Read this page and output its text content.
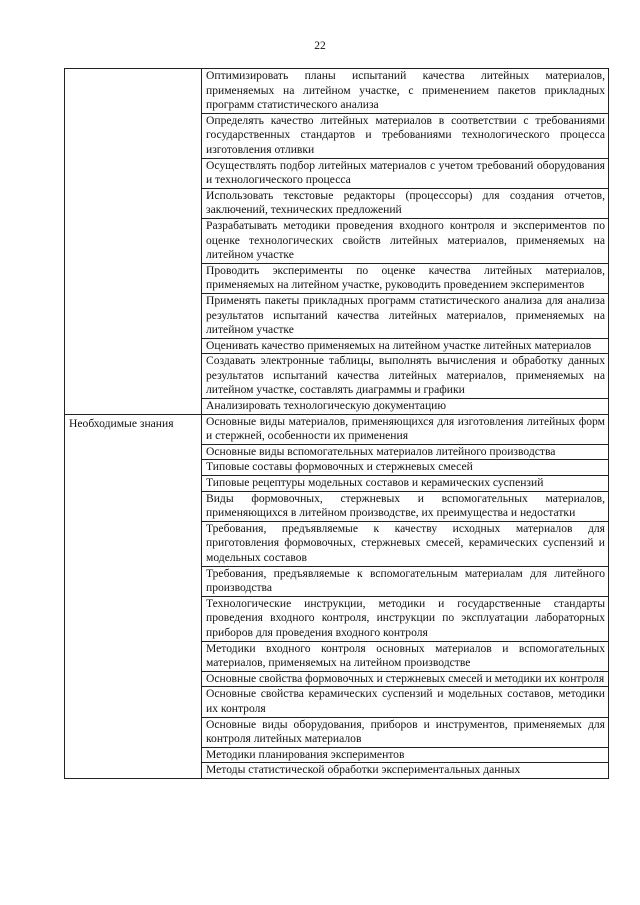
22
	Оптимизировать планы испытаний качества литейных материалов, применяемых на литейном участке, с применением пакетов прикладных программ статистического анализа
	Определять качество литейных материалов в соответствии с требованиями государственных стандартов и требованиями технологического процесса изготовления отливки
	Осуществлять подбор литейных материалов с учетом требований оборудования и технологического процесса
	Использовать текстовые редакторы (процессоры) для создания отчетов, заключений, технических предложений
	Разрабатывать методики проведения входного контроля и экспериментов по оценке технологических свойств литейных материалов, применяемых на литейном участке
	Проводить эксперименты по оценке качества литейных материалов, применяемых на литейном участке, руководить проведением экспериментов
	Применять пакеты прикладных программ статистического анализа для анализа результатов испытаний качества литейных материалов, применяемых на литейном участке
	Оценивать качество применяемых на литейном участке литейных материалов
	Создавать электронные таблицы, выполнять вычисления и обработку данных результатов испытаний качества литейных материалов, применяемых на литейном участке, составлять диаграммы и графики
	Анализировать технологическую документацию

Необходимые знания	Основные виды материалов, применяющихся для изготовления литейных форм и стержней, особенности их применения
	Основные виды вспомогательных материалов литейного производства
	Типовые составы формовочных и стержневых смесей
	Типовые рецептуры модельных составов и керамических суспензий
	Виды формовочных, стержневых и вспомогательных материалов, применяющихся в литейном производстве, их преимущества и недостатки
	Требования, предъявляемые к качеству исходных материалов для приготовления формовочных, стержневых смесей, керамических суспензий и модельных составов
	Требования, предъявляемые к вспомогательным материалам для литейного производства
	Технологические инструкции, методики и государственные стандарты проведения входного контроля, инструкции по эксплуатации лабораторных приборов для проведения входного контроля
	Методики входного контроля основных материалов и вспомогательных материалов, применяемых на литейном производстве
	Основные свойства формовочных и стержневых смесей и методики их контроля
	Основные свойства керамических суспензий и модельных составов, методики их контроля
	Основные виды оборудования, приборов и инструментов, применяемых для контроля литейных материалов
	Методики планирования экспериментов
	Методы статистической обработки экспериментальных данных
